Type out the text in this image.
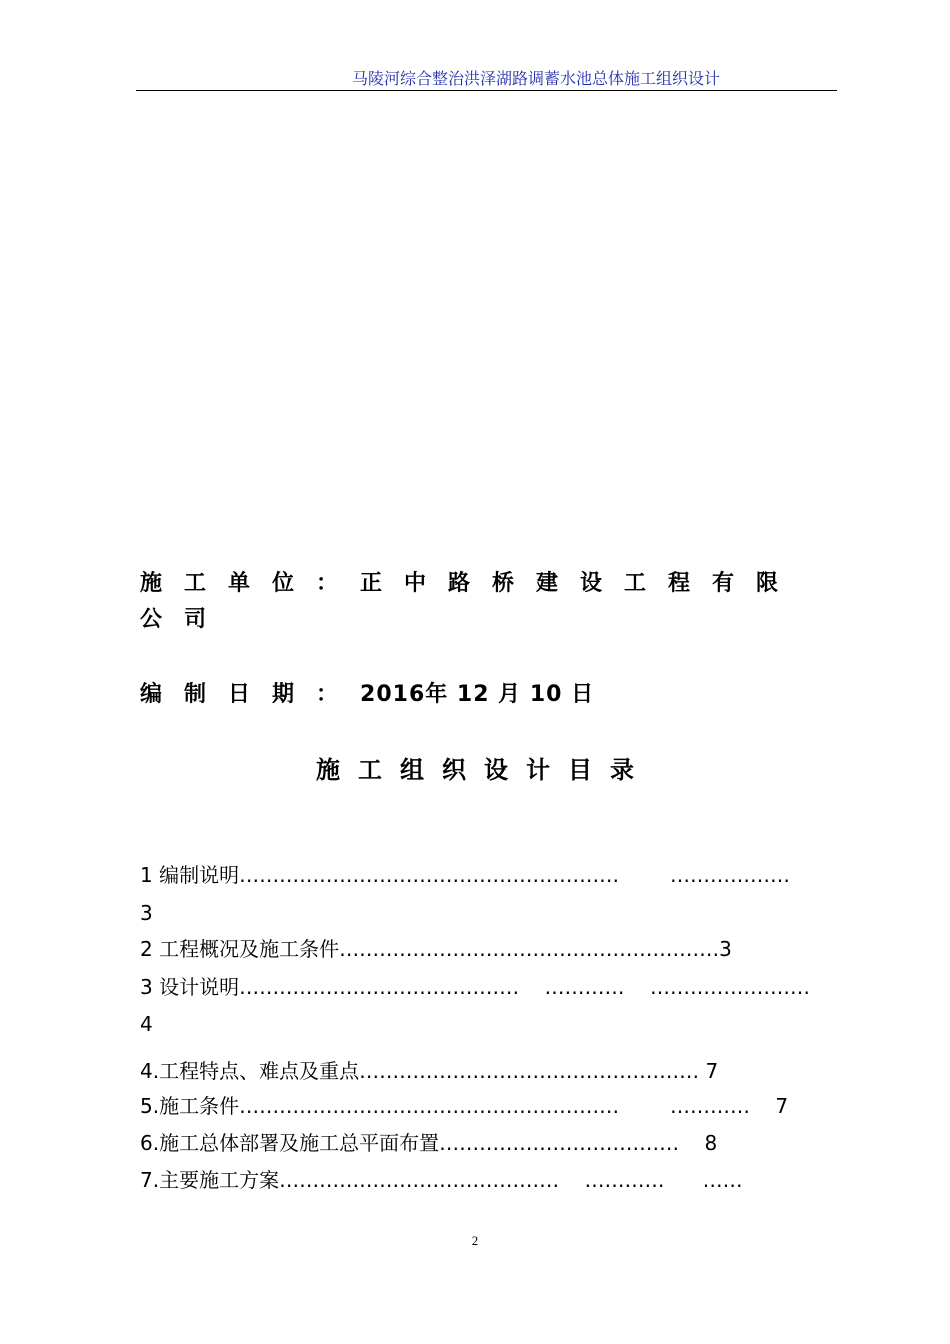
马陵河综合整治洪泽湖路调蓄水池总体施工组织设计
施工单位：正中路桥建设工程有限
公司
编制日期：2016年 12 月 10 日
施工组织设计目录
1 编制说明…………………………………………………        ………………
3
2 工程概况及施工条件…………………………………………………3
3 设计说明……………………………………    …………    ……………………
4
4.工程特点、难点及重点…………………………………………… 7
5.施工条件…………………………………………………        …………    7
6.施工总体部署及施工总平面布置………………………………    8
7.主要施工方案……………………………………    …………      ……
2
